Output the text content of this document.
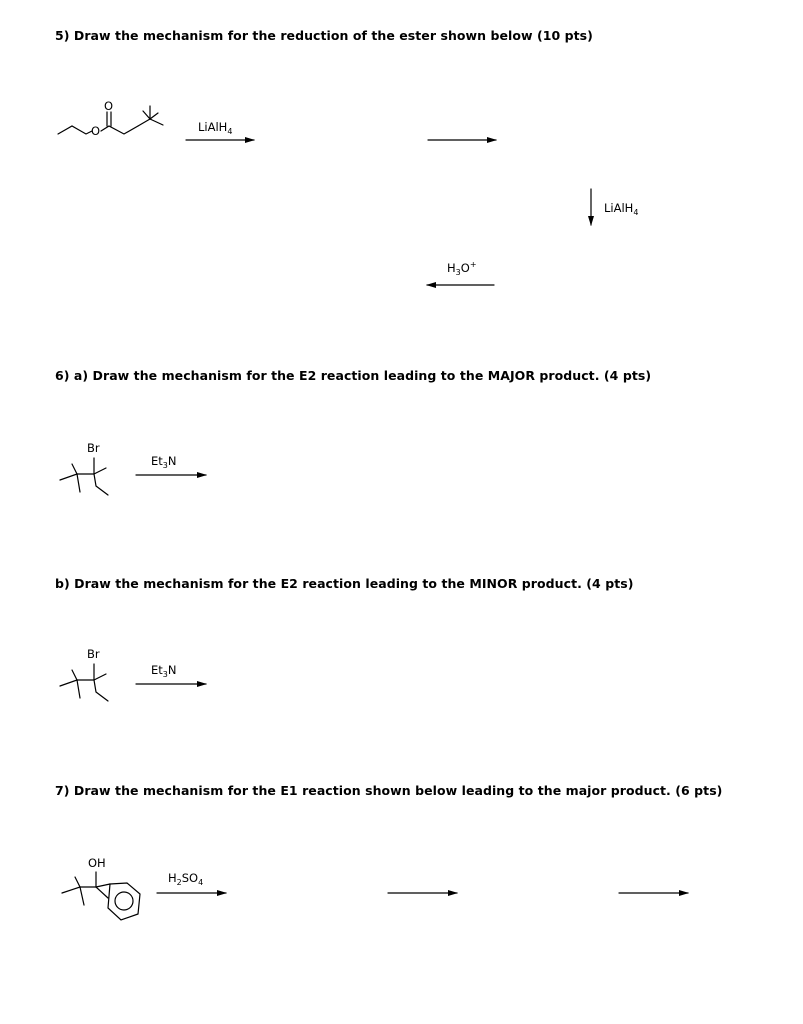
5) Draw the mechanism for the reduction of the ester shown below (10 pts)
6) a) Draw the mechanism for the E2 reaction leading to the MAJOR product. (4 pts)
b) Draw the mechanism for the E2 reaction leading to the MINOR product. (4 pts)
7) Draw the mechanism for the E1 reaction shown below leading to the major product. (6 pts)
O
O
Br
Br
OH
LiAlH$_4$
LiAlH$_4$
$H_3O^+$
$Et_3N$
$Et_3N$
$H_2SO_4$
